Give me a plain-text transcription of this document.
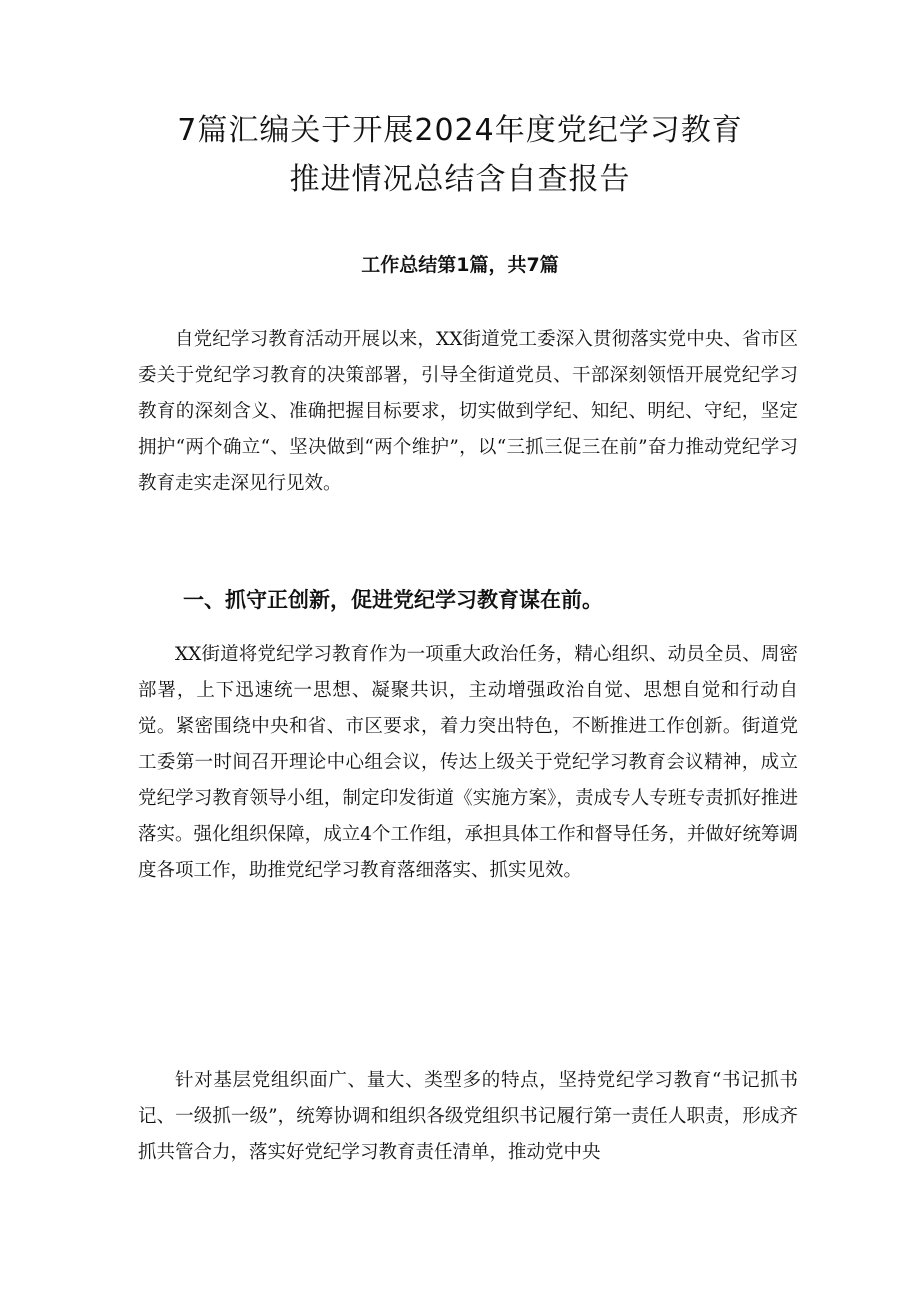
7篇汇编关于开展2024年度党纪学习教育
推进情况总结含自查报告
工作总结第1篇，共7篇

自党纪学习教育活动开展以来，XX街道党工委深入贯彻落实党中央、省市区委关于党纪学习教育的决策部署，引导全街道党员、干部深刻领悟开展党纪学习教育的深刻含义、准确把握目标要求，切实做到学纪、知纪、明纪、守纪，坚定拥护“两个确立“、坚决做到“两个维护”，以“三抓三促三在前”奋力推动党纪学习教育走实走深见行见效。

一、抓守正创新，促进党纪学习教育谋在前。

XX街道将党纪学习教育作为一项重大政治任务，精心组织、动员全员、周密部署，上下迅速统一思想、凝聚共识，主动增强政治自觉、思想自觉和行动自觉。紧密围绕中央和省、市区要求，着力突出特色，不断推进工作创新。街道党工委第一时间召开理论中心组会议，传达上级关于党纪学习教育会议精神，成立党纪学习教育领导小组，制定印发街道《实施方案》，责成专人专班专责抓好推进落实。强化组织保障，成立4个工作组，承担具体工作和督导任务，并做好统筹调度各项工作，助推党纪学习教育落细落实、抓实见效。

针对基层党组织面广、量大、类型多的特点，坚持党纪学习教育“书记抓书记、一级抓一级”，统筹协调和组织各级党组织书记履行第一责任人职责，形成齐抓共管合力，落实好党纪学习教育责任清单，推动党中央
